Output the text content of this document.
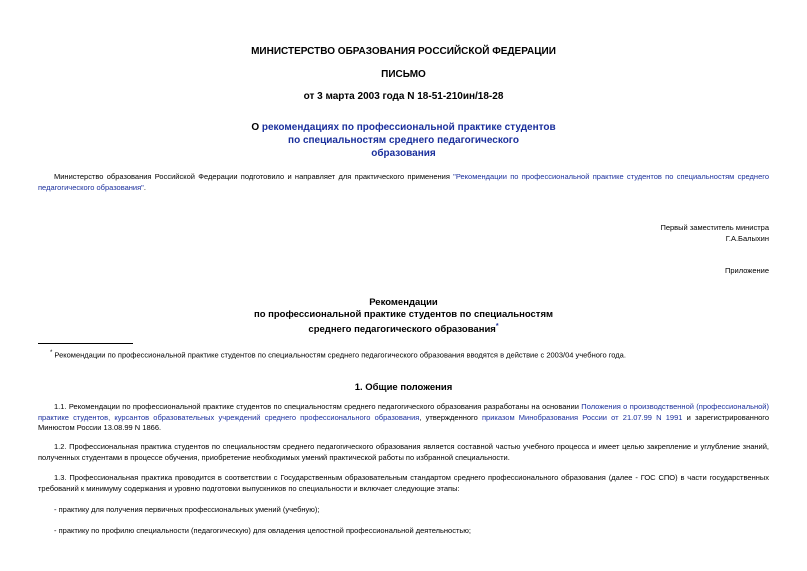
МИНИСТЕРСТВО ОБРАЗОВАНИЯ РОССИЙСКОЙ ФЕДЕРАЦИИ
ПИСЬМО
от 3 марта 2003 года N 18-51-210ин/18-28
О рекомендациях по профессиональной практике студентов
по специальностям среднего педагогического
образования
Министерство образования Российской Федерации подготовило и направляет для практического применения "Рекомендации по профессиональной практике студентов по специальностям среднего педагогического образования".
Первый заместитель министра
Г.А.Балыхин
Приложение
Рекомендации
по профессиональной практике студентов по специальностям
среднего педагогического образования*
* Рекомендации по профессиональной практике студентов по специальностям среднего педагогического образования вводятся в действие с 2003/04 учебного года.
1. Общие положения
1.1. Рекомендации по профессиональной практике студентов по специальностям среднего педагогического образования разработаны на основании Положения о производственной (профессиональной) практике студентов, курсантов образовательных учреждений среднего профессионального образования, утвержденного приказом Минобразования России от 21.07.99 N 1991 и зарегистрированного Минюстом России 13.08.99 N 1866.
1.2. Профессиональная практика студентов по специальностям среднего педагогического образования является составной частью учебного процесса и имеет целью закрепление и углубление знаний, полученных студентами в процессе обучения, приобретение необходимых умений практической работы по избранной специальности.
1.3. Профессиональная практика проводится в соответствии с Государственным образовательным стандартом среднего профессионального образования (далее - ГОС СПО) в части государственных требований к минимуму содержания и уровню подготовки выпускников по специальности и включает следующие этапы:
- практику для получения первичных профессиональных умений (учебную);
- практику по профилю специальности (педагогическую) для овладения целостной профессиональной деятельностью;
